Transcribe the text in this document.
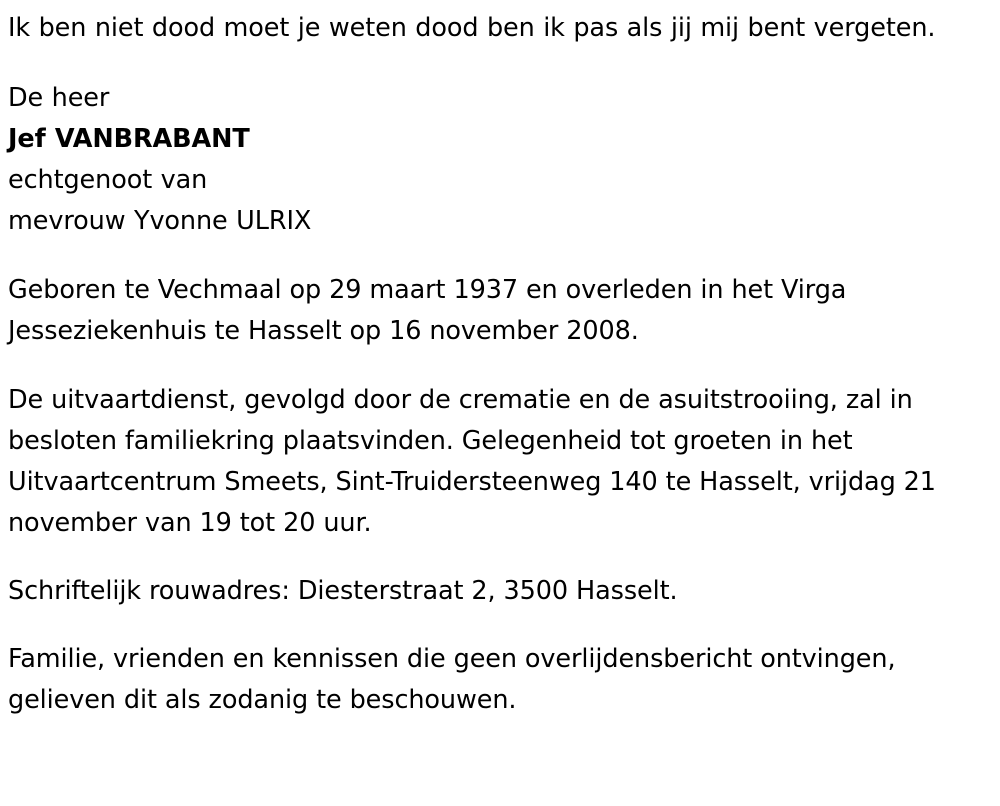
Ik ben niet dood moet je weten dood ben ik pas als jij mij bent vergeten.

De heer

Jef VANBRABANT

echtgenoot van

mevrouw Yvonne ULRIX

Geboren te Vechmaal op 29 maart 1937 en overleden in het Virga Jesseziekenhuis te Hasselt op 16 november 2008.

De uitvaartdienst, gevolgd door de crematie en de asuitstrooiing, zal in besloten familiekring plaatsvinden. Gelegenheid tot groeten in het Uitvaartcentrum Smeets, Sint-Truidersteenweg 140 te Hasselt, vrijdag 21 november van 19 tot 20 uur.

Schriftelijk rouwadres: Diesterstraat 2, 3500 Hasselt.

Familie, vrienden en kennissen die geen overlijdensbericht ontvingen, gelieven dit als zodanig te beschouwen.
